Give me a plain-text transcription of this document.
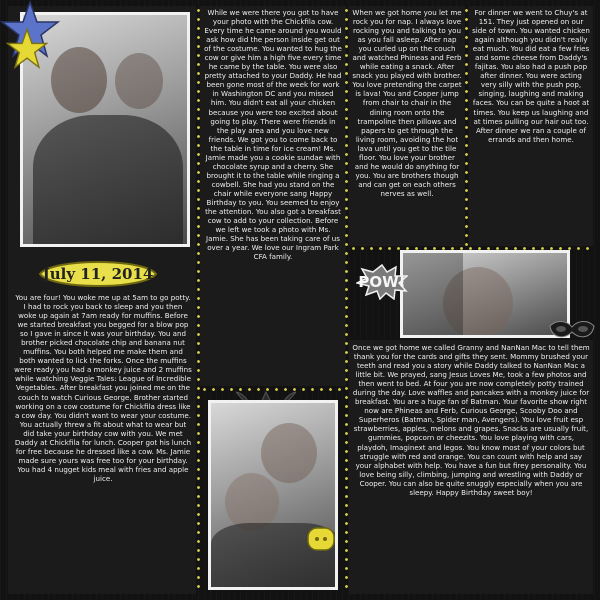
July 11, 2014

You are four! You woke me up at 5am to go potty. I had to rock you back to sleep and you then woke up again at 7am ready for muffins. Before we started breakfast you begged for a blow pop so I gave in since it was your birthday. You and brother picked chocolate chip and banana nut muffins. You both helped me make them and both wanted to lick the forks. Once the muffins were ready you had a monkey juice and 2 muffins while watching Veggie Tales: League of Incredible Vegetables. After breakfast you joined me on the couch to watch Curious George. Brother started working on a cow costume for Chickfila dress like a cow day. You didn't want to wear your costume. You actually threw a fit about what to wear but did take your birthday cow with you. We met Daddy at Chickfila for lunch. Cooper got his lunch for free because he dressed like a cow. Ms. Jamie made sure yours was free too for your birthday. You had 4 nugget kids meal with fries and apple juice.

While we were there you got to have your photo with the Chickfila cow. Every time he came around you would ask how did the person inside get out of the costume. You wanted to hug the cow or give him a high five every time he came by the table. You were also pretty attached to your Daddy. He had been gone most of the week for work in Washington DC and you missed him. You didn't eat all your chicken because you were too excited about going to play. There were friends in the play area and you love new friends. We got you to come back to the table in time for ice cream! Ms. Jamie made you a cookie sundae with chocolate syrup and a cherry. She brought it to the table while ringing a cowbell. She had you stand on the chair while everyone sang Happy Birthday to you. You seemed to enjoy the attention. You also got a breakfast cow to add to your collection. Before we left we took a photo with Ms. Jamie. She has been taking care of us over a year. We love our Ingram Park CFA family.

When we got home you let me rock you for nap. I always love rocking you and talking to you as you fall asleep. After nap you curled up on the couch and watched Phineas and Ferb while eating a snack. After snack you played with brother. You love pretending the carpet is lava! You and Cooper jump from chair to chair in the dining room onto the trampoline then pillows and papers to get through the living room, avoiding the hot lava until you get to the tile floor. You love your brother and he would do anything for you. You are brothers though and can get on each others nerves as well.

For dinner we went to Chuy's at 151. They just opened on our side of town. You wanted chicken again although you didn't really eat much. You did eat a few fries and some cheese from Daddy's fajitas. You also had a push pop after dinner. You were acting very silly with the push pop, singing, laughing and making faces. You can be quite a hoot at times. You keep us laughing and at times pulling our hair out too. After dinner we ran a couple of errands and then home.

Once we got home we called Granny and NanNan Mac to tell them thank you for the cards and gifts they sent. Mommy brushed your teeth and read you a story while Daddy talked to NanNan Mac a little bit. We prayed, sang Jesus Loves Me, took a few photos and then went to bed. At four you are now completely potty trained during the day. Love waffles and pancakes with a monkey juice for breakfast. You are a huge fan of Batman. Your favorite show right now are Phineas and Ferb, Curious George, Scooby Doo and Superheros (Batman, Spider man, Avengers). You love fruit esp strawberries, apples, melons and grapes. Snacks are usually fruit, gummies, popcorn or cheezits. You love playing with cars, playdoh, Imaginext and legos. You know most of your colors but struggle with red and orange. You can count with help and say your alphabet with help. You have a fun but firey personality. You love being silly, climbing, jumping and wrestling with Daddy or Cooper. You can also be quite snuggly especially when you are sleepy. Happy Birthday sweet boy!

POW!
